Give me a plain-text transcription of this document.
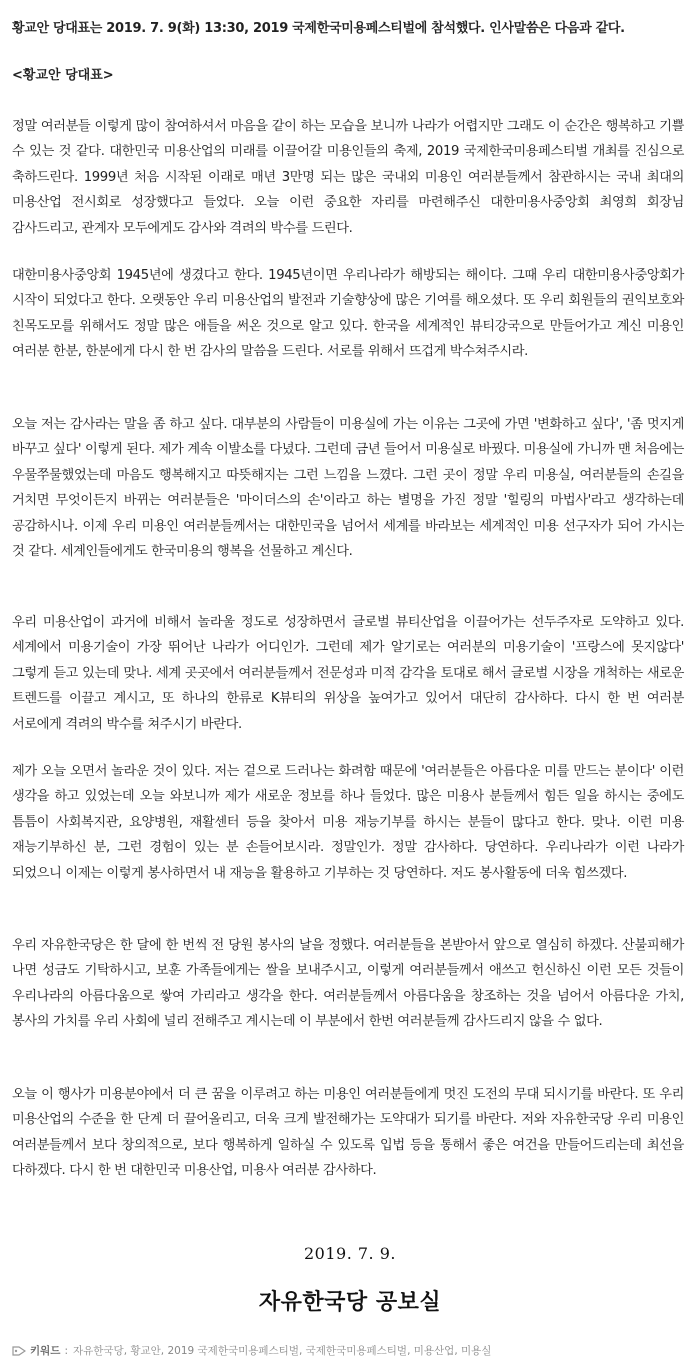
황교안 당대표는 2019. 7. 9(화) 13:30, 2019 국제한국미용페스티벌에 참석했다. 인사말씀은 다음과 같다.
<황교안 당대표>

정말 여러분들 이렇게 많이 참여하셔서 마음을 같이 하는 모습을 보니까 나라가 어렵지만 그래도 이 순간은 행복하고 기쁠 수 있는 것 같다. 대한민국 미용산업의 미래를 이끌어갈 미용인들의 축제, 2019 국제한국미용페스티벌 개최를 진심으로 축하드린다. 1999년 처음 시작된 이래로 매년 3만명 되는 많은 국내외 미용인 여러분들께서 참관하시는 국내 최대의 미용산업 전시회로 성장했다고 들었다. 오늘 이런 중요한 자리를 마련해주신 대한미용사중앙회 최영희 회장님 감사드리고, 관계자 모두에게도 감사와 격려의 박수를 드린다.

대한미용사중앙회 1945년에 생겼다고 한다. 1945년이면 우리나라가 해방되는 해이다. 그때 우리 대한미용사중앙회가 시작이 되었다고 한다. 오랫동안 우리 미용산업의 발전과 기술향상에 많은 기여를 해오셨다. 또 우리 회원들의 권익보호와 친목도모를 위해서도 정말 많은 애들을 써온 것으로 알고 있다. 한국을 세계적인 뷰티강국으로 만들어가고 계신 미용인 여러분 한분, 한분에게 다시 한 번 감사의 말씀을 드린다. 서로를 위해서 뜨겁게 박수쳐주시라.

오늘 저는 감사라는 말을 좀 하고 싶다. 대부분의 사람들이 미용실에 가는 이유는 그곳에 가면 '변화하고 싶다', '좀 멋지게 바꾸고 싶다' 이렇게 된다. 제가 계속 이발소를 다녔다. 그런데 금년 들어서 미용실로 바꿨다. 미용실에 가니까 맨 처음에는 우물쭈물했었는데 마음도 행복해지고 따뜻해지는 그런 느낌을 느꼈다. 그런 곳이 정말 우리 미용실, 여러분들의 손길을 거치면 무엇이든지 바뀌는 여러분들은 '마이더스의 손'이라고 하는 별명을 가진 정말 '힐링의 마법사'라고 생각하는데 공감하시나. 이제 우리 미용인 여러분들께서는 대한민국을 넘어서 세계를 바라보는 세계적인 미용 선구자가 되어 가시는 것 같다. 세계인들에게도 한국미용의 행복을 선물하고 계신다.

우리 미용산업이 과거에 비해서 놀라울 정도로 성장하면서 글로벌 뷰티산업을 이끌어가는 선두주자로 도약하고 있다. 세계에서 미용기술이 가장 뛰어난 나라가 어디인가. 그런데 제가 알기로는 여러분의 미용기술이 '프랑스에 못지않다' 그렇게 듣고 있는데 맞나. 세계 곳곳에서 여러분들께서 전문성과 미적 감각을 토대로 해서 글로벌 시장을 개척하는 새로운 트렌드를 이끌고 계시고, 또 하나의 한류로 K뷰티의 위상을 높여가고 있어서 대단히 감사하다. 다시 한 번 여러분 서로에게 격려의 박수를 쳐주시기 바란다.

제가 오늘 오면서 놀라운 것이 있다. 저는 겉으로 드러나는 화려함 때문에 '여러분들은 아름다운 미를 만드는 분이다' 이런 생각을 하고 있었는데 오늘 와보니까 제가 새로운 정보를 하나 들었다. 많은 미용사 분들께서 힘든 일을 하시는 중에도 틈틈이 사회복지관, 요양병원, 재활센터 등을 찾아서 미용 재능기부를 하시는 분들이 많다고 한다. 맞나. 이런 미용 재능기부하신 분, 그런 경험이 있는 분 손들어보시라. 정말인가. 정말 감사하다. 당연하다. 우리나라가 이런 나라가 되었으니 이제는 이렇게 봉사하면서 내 재능을 활용하고 기부하는 것 당연하다. 저도 봉사활동에 더욱 힘쓰겠다.

우리 자유한국당은 한 달에 한 번씩 전 당원 봉사의 날을 정했다. 여러분들을 본받아서 앞으로 열심히 하겠다. 산불피해가 나면 성금도 기탁하시고, 보훈 가족들에게는 쌀을 보내주시고, 이렇게 여러분들께서 애쓰고 헌신하신 이런 모든 것들이 우리나라의 아름다움으로 쌓여 가리라고 생각을 한다. 여러분들께서 아름다움을 창조하는 것을 넘어서 아름다운 가치, 봉사의 가치를 우리 사회에 널리 전해주고 계시는데 이 부분에서 한번 여러분들께 감사드리지 않을 수 없다.

오늘 이 행사가 미용분야에서 더 큰 꿈을 이루려고 하는 미용인 여러분들에게 멋진 도전의 무대 되시기를 바란다. 또 우리 미용산업의 수준을 한 단계 더 끌어올리고, 더욱 크게 발전해가는 도약대가 되기를 바란다. 저와 자유한국당 우리 미용인 여러분들께서 보다 창의적으로, 보다 행복하게 일하실 수 있도록 입법 등을 통해서 좋은 여건을 만들어드리는데 최선을 다하겠다. 다시 한 번 대한민국 미용산업, 미용사 여러분 감사하다.

2019. 7. 9.
자유한국당 공보실
키워드 : 자유한국당, 황교안, 2019 국제한국미용페스티벌, 국제한국미용페스티벌, 미용산업, 미용실
